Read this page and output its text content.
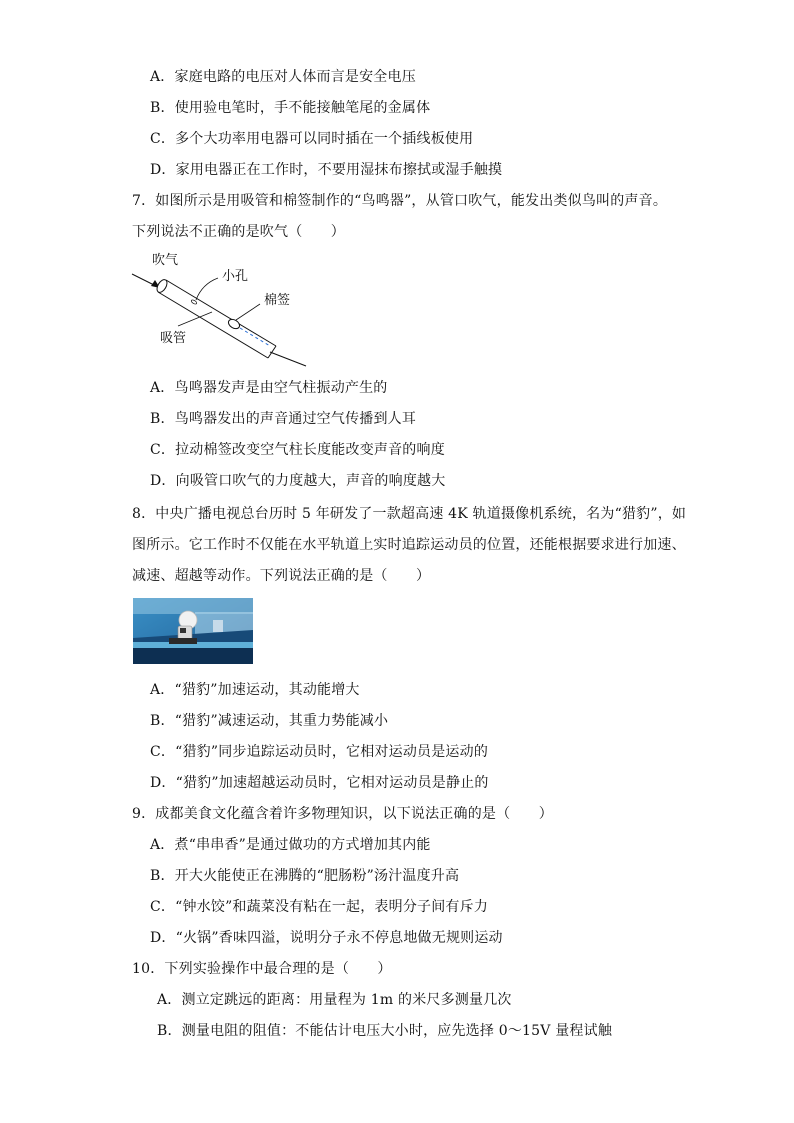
A．家庭电路的电压对人体而言是安全电压
B．使用验电笔时，手不能接触笔尾的金属体
C．多个大功率用电器可以同时插在一个插线板使用
D．家用电器正在工作时，不要用湿抹布擦拭或湿手触摸
7．如图所示是用吸管和棉签制作的“鸟鸣器”，从管口吹气，能发出类似鸟叫的声音。
下列说法不正确的是吹气（　　）
吹气
小孔
棉签
吸管
A．鸟鸣器发声是由空气柱振动产生的
B．鸟鸣器发出的声音通过空气传播到人耳
C．拉动棉签改变空气柱长度能改变声音的响度
D．向吸管口吹气的力度越大，声音的响度越大
8．中央广播电视总台历时 5 年研发了一款超高速 4K 轨道摄像机系统，名为“猎豹”，如
图所示。它工作时不仅能在水平轨道上实时追踪运动员的位置，还能根据要求进行加速、
减速、超越等动作。下列说法正确的是（　　）
A．“猎豹”加速运动，其动能增大
B．“猎豹”减速运动，其重力势能减小
C．“猎豹”同步追踪运动员时，它相对运动员是运动的
D．“猎豹”加速超越运动员时，它相对运动员是静止的
9．成都美食文化蕴含着许多物理知识，以下说法正确的是（　　）
A．煮“串串香”是通过做功的方式增加其内能
B．开大火能使正在沸腾的“肥肠粉”汤汁温度升高
C．“钟水饺”和蔬菜没有粘在一起，表明分子间有斥力
D．“火锅”香味四溢，说明分子永不停息地做无规则运动
10．下列实验操作中最合理的是（　　）
A．测立定跳远的距离：用量程为 1m 的米尺多测量几次
B．测量电阻的阻值：不能估计电压大小时，应先选择 0～15V 量程试触
